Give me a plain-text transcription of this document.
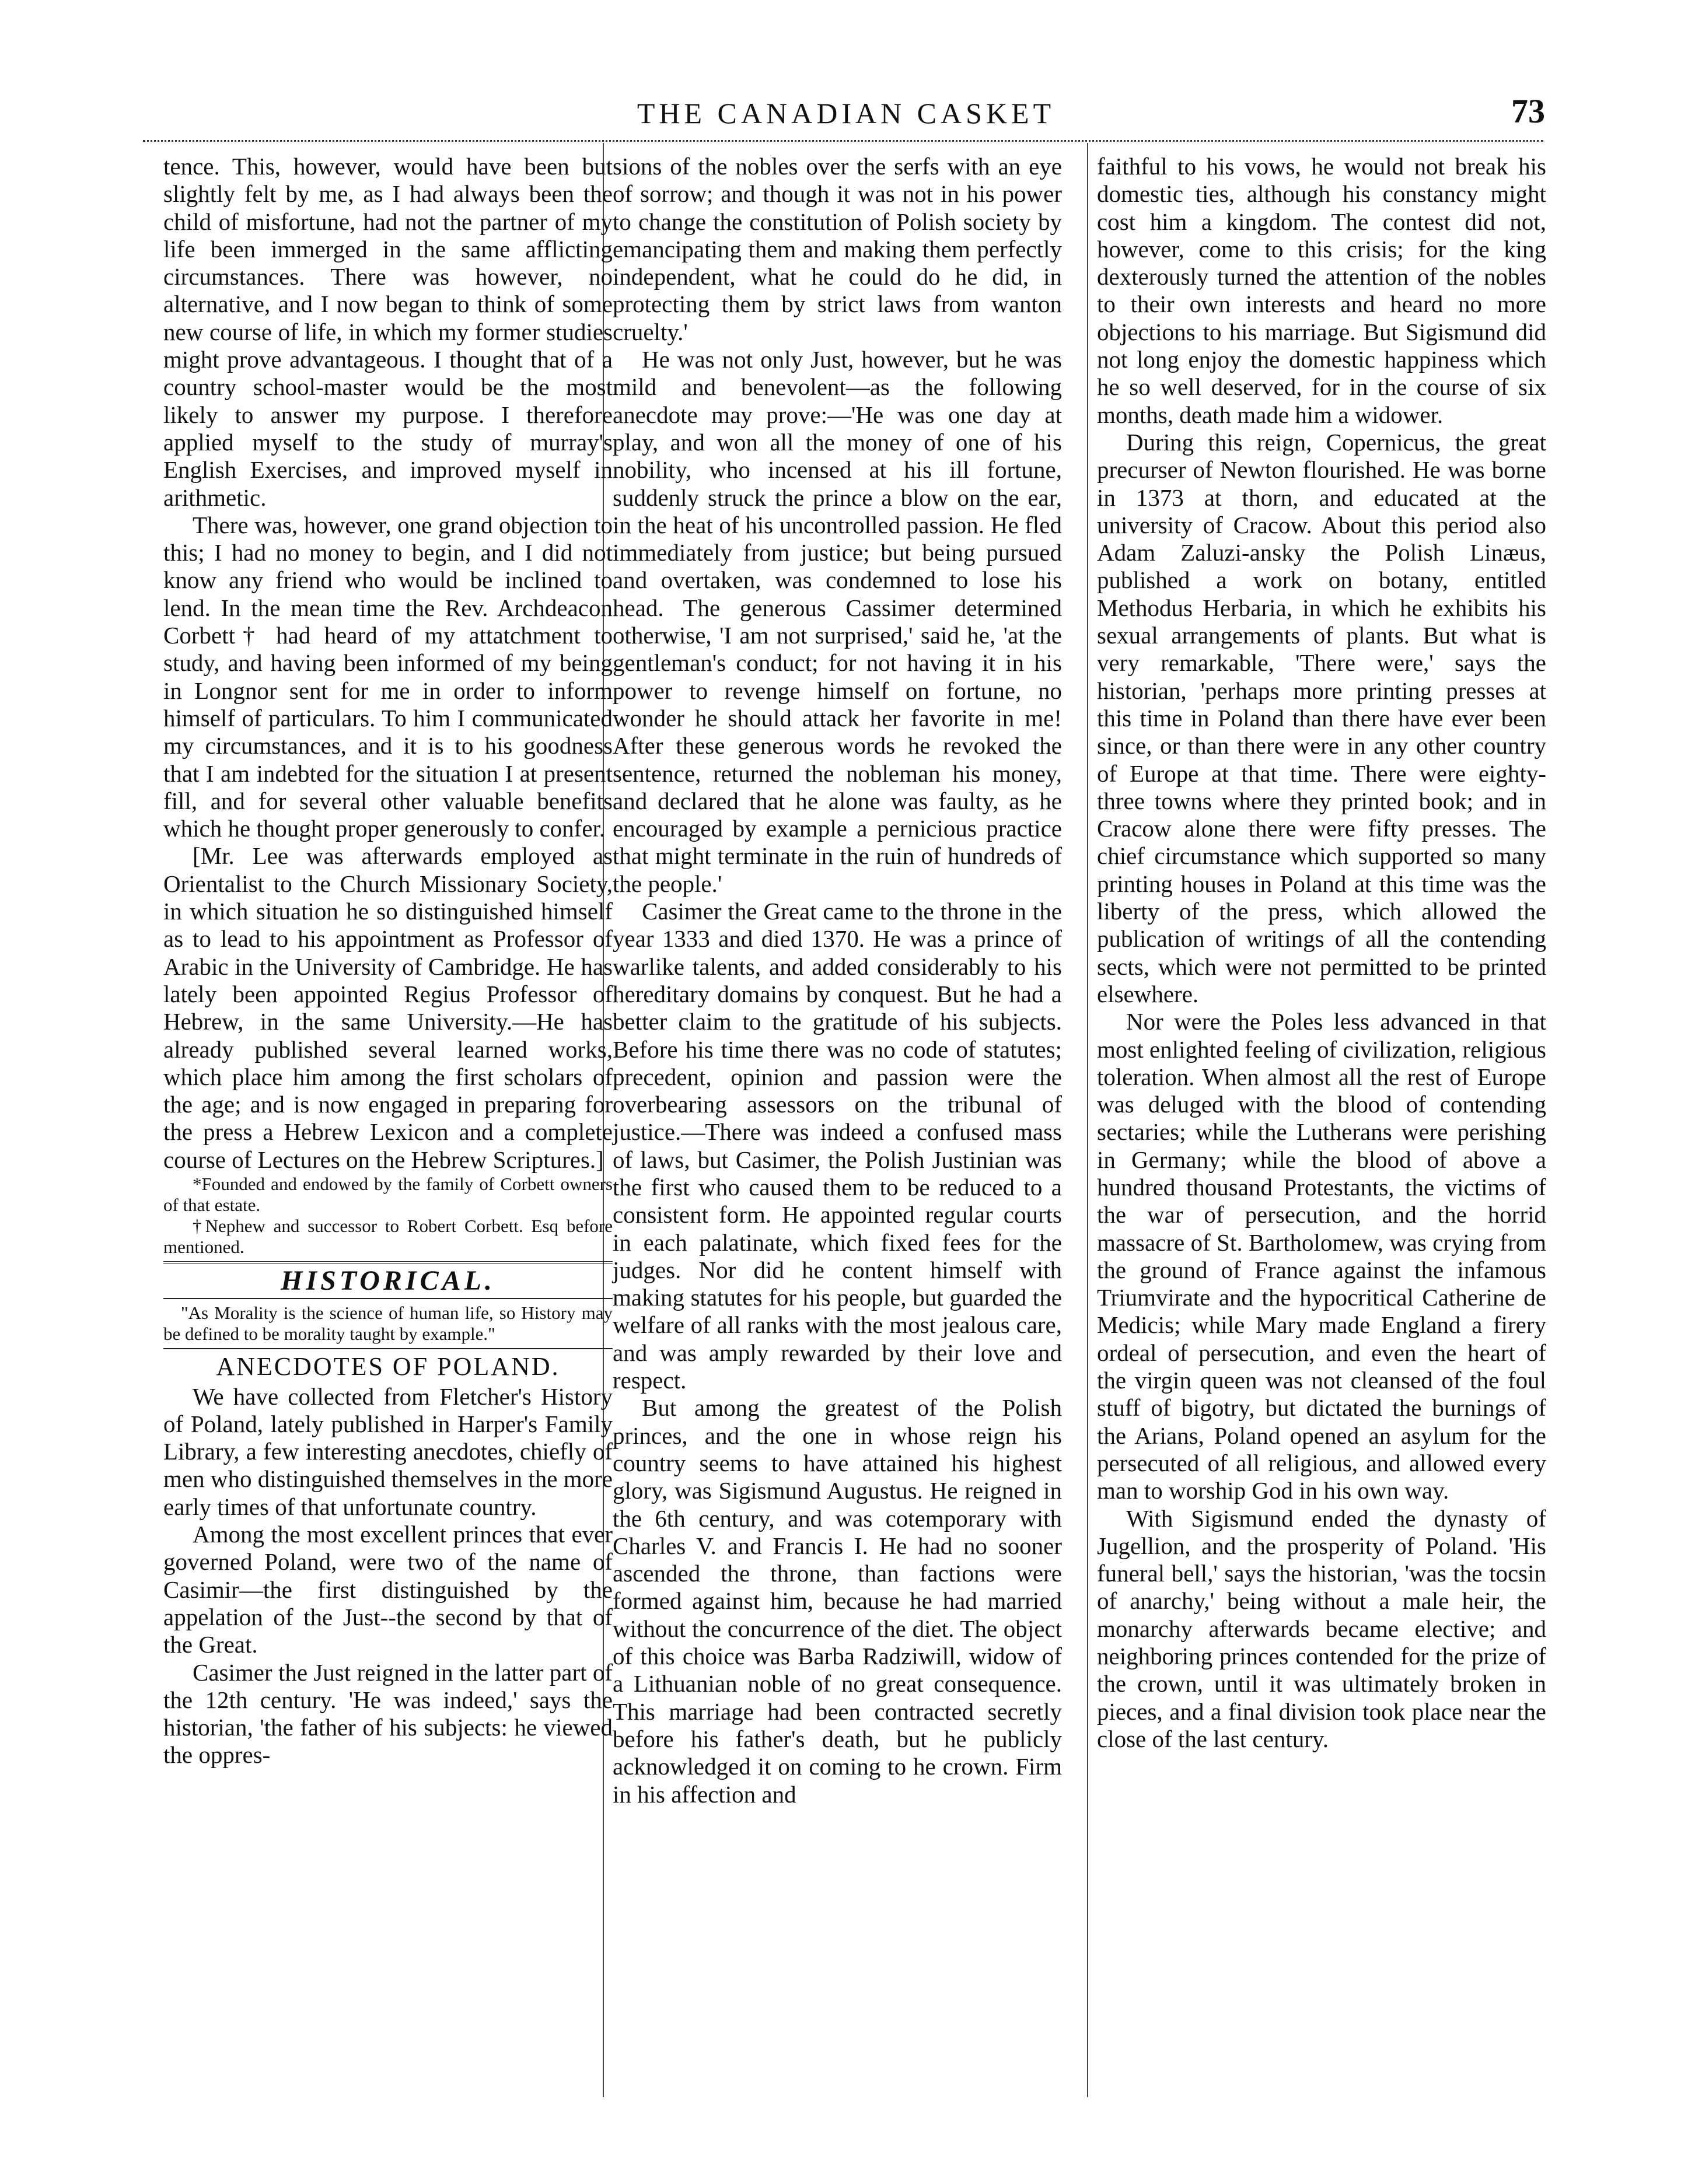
THE CANADIAN CASKET	73

tence. This, however, would have been but slightly felt by me, as I had always been the child of misfortune, had not the partner of my life been immerged in the same afflicting circumstances. There was however, no alternative, and I now began to think of some new course of life, in which my former studies might prove advantageous. I thought that of a country school-master would be the most likely to answer my purpose. I therefore applied myself to the study of murray's English Exercises, and improved myself in arithmetic.

There was, however, one grand objection to this; I had no money to begin, and I did not know any friend who would be inclined to lend. In the mean time the Rev. Archdeacon Corbett† had heard of my attatchment to study, and having been informed of my being in Longnor sent for me in order to inform himself of particulars. To him I communicated my circumstances, and it is to his goodness that I am indebted for the situation I at present fill, and for several other valuable benefits which he thought proper generously to confer.

[Mr. Lee was afterwards employed as Orientalist to the Church Missionary Society, in which situation he so distinguished himself as to lead to his appointment as Professor of Arabic in the University of Cambridge. He has lately been appointed Regius Professor of Hebrew, in the same University.—He has already published several learned works, which place him among the first scholars of the age; and is now engaged in preparing for the press a Hebrew Lexicon and a complete course of Lectures on the Hebrew Scriptures.]

*Founded and endowed by the family of Corbett owners of that estate.

†Nephew and successor to Robert Corbett. Esq before mentioned.

HISTORICAL.

"As Morality is the science of human life, so History may be defined to be morality taught by example."

ANECDOTES OF POLAND.

We have collected from Fletcher's History of Poland, lately published in Harper's Family Library, a few interesting anecdotes, chiefly of men who distinguished themselves in the more early times of that unfortunate country.

Among the most excellent princes that ever governed Poland, were two of the name of Casimir—the first distinguished by the appelation of the Just--the second by that of the Great.

Casimer the Just reigned in the latter part of the 12th century. 'He was indeed,' says the historian, 'the father of his subjects: he viewed the oppres-

sions of the nobles over the serfs with an eye of sorrow; and though it was not in his power to change the constitution of Polish society by emancipating them and making them perfectly independent, what he could do he did, in protecting them by strict laws from wanton cruelty.'

He was not only Just, however, but he was mild and benevolent—as the following anecdote may prove:—'He was one day at play, and won all the money of one of his nobility, who incensed at his ill fortune, suddenly struck the prince a blow on the ear, in the heat of his uncontrolled passion. He fled immediately from justice; but being pursued and overtaken, was condemned to lose his head. The generous Cassimer determined otherwise, 'I am not surprised,' said he, 'at the gentleman's conduct; for not having it in his power to revenge himself on fortune, no wonder he should attack her favorite in me! After these generous words he revoked the sentence, returned the nobleman his money, and declared that he alone was faulty, as he encouraged by example a pernicious practice that might terminate in the ruin of hundreds of the people.'

Casimer the Great came to the throne in the year 1333 and died 1370. He was a prince of warlike talents, and added considerably to his hereditary domains by conquest. But he had a better claim to the gratitude of his subjects. Before his time there was no code of statutes; precedent, opinion and passion were the overbearing assessors on the tribunal of justice.—There was indeed a confused mass of laws, but Casimer, the Polish Justinian was the first who caused them to be reduced to a consistent form. He appointed regular courts in each palatinate, which fixed fees for the judges. Nor did he content himself with making statutes for his people, but guarded the welfare of all ranks with the most jealous care, and was amply rewarded by their love and respect.

But among the greatest of the Polish princes, and the one in whose reign his country seems to have attained his highest glory, was Sigismund Augustus. He reigned in the 6th century, and was cotemporary with Charles V. and Francis I. He had no sooner ascended the throne, than factions were formed against him, because he had married without the concurrence of the diet. The object of this choice was Barba Radziwill, widow of a Lithuanian noble of no great consequence. This marriage had been contracted secretly before his father's death, but he publicly acknowledged it on coming to he crown. Firm in his affection and

faithful to his vows, he would not break his domestic ties, although his constancy might cost him a kingdom. The contest did not, however, come to this crisis; for the king dexterously turned the attention of the nobles to their own interests and heard no more objections to his marriage. But Sigismund did not long enjoy the domestic happiness which he so well deserved, for in the course of six months, death made him a widower.

During this reign, Copernicus, the great precurser of Newton flourished. He was borne in 1373 at thorn, and educated at the university of Cracow. About this period also Adam Zaluzi-ansky the Polish Linæus, published a work on botany, entitled Methodus Herbaria, in which he exhibits his sexual arrangements of plants. But what is very remarkable, 'There were,' says the historian, 'perhaps more printing presses at this time in Poland than there have ever been since, or than there were in any other country of Europe at that time. There were eighty-three towns where they printed book; and in Cracow alone there were fifty presses. The chief circumstance which supported so many printing houses in Poland at this time was the liberty of the press, which allowed the publication of writings of all the contending sects, which were not permitted to be printed elsewhere.

Nor were the Poles less advanced in that most enlighted feeling of civilization, religious toleration. When almost all the rest of Europe was deluged with the blood of contending sectaries; while the Lutherans were perishing in Germany; while the blood of above a hundred thousand Protestants, the victims of the war of persecution, and the horrid massacre of St. Bartholomew, was crying from the ground of France against the infamous Triumvirate and the hypocritical Catherine de Medicis; while Mary made England a firery ordeal of persecution, and even the heart of the virgin queen was not cleansed of the foul stuff of bigotry, but dictated the burnings of the Arians, Poland opened an asylum for the persecuted of all religious, and allowed every man to worship God in his own way.

With Sigismund ended the dynasty of Jugellion, and the prosperity of Poland. 'His funeral bell,' says the historian, 'was the tocsin of anarchy,' being without a male heir, the monarchy afterwards became elective; and neighboring princes contended for the prize of the crown, until it was ultimately broken in pieces, and a final division took place near the close of the last century.
